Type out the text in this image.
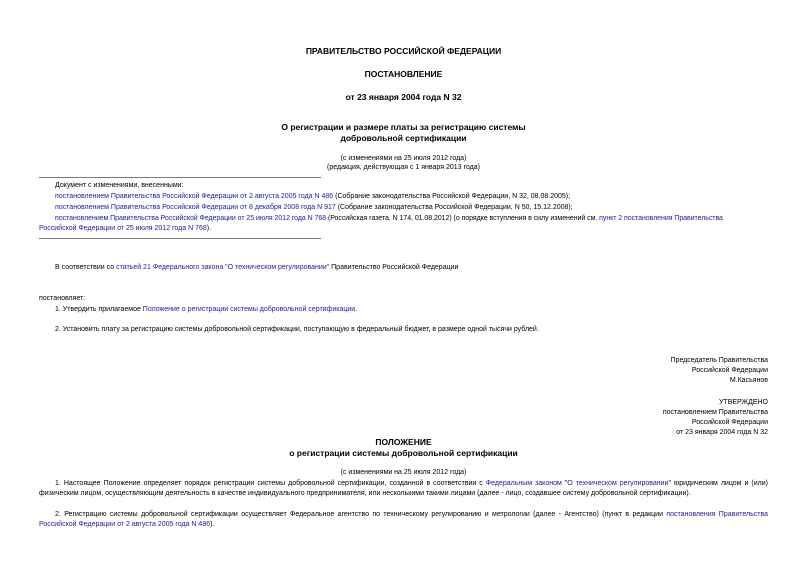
ПРАВИТЕЛЬСТВО РОССИЙСКОЙ ФЕДЕРАЦИИ
ПОСТАНОВЛЕНИЕ
от 23 января 2004 года N 32
О регистрации и размере платы за регистрацию системы
добровольной сертификации
(с изменениями на 25 июля 2012 года)
(редакция, действующая с 1 января 2013 года)
Документ с изменениями, внесенными:
постановлением Правительства Российской Федерации от 2 августа 2005 года N 486 (Собрание законодательства Российской Федерации, N 32, 08.08.2005);
постановлением Правительства Российской Федерации от 8 декабря 2008 года N 917 (Собрание законодательства Российской Федерации, N 50, 15.12.2008);
постановлением Правительства Российской Федерации от 25 июля 2012 года N 768 (Российская газета, N 174, 01.08.2012) (о порядке вступления в силу изменений см. пункт 2 постановления Правительства
Российской Федерации от 25 июля 2012 года N 768).
В соответствии со статьей 21 Федерального закона "О техническом регулировании" Правительство Российской Федерации
постановляет:
1. Утвердить прилагаемое Положение о регистрации системы добровольной сертификации.
2. Установить плату за регистрацию системы добровольной сертификации, поступающую в федеральный бюджет, в размере одной тысячи рублей.
Председатель Правительства
Российской Федерации
М.Касьянов
УТВЕРЖДЕНО
постановлением Правительства
Российской Федерации
от 23 января 2004 года N 32
ПОЛОЖЕНИЕ
о регистрации системы добровольной сертификации
(с изменениями на 25 июля 2012 года)
1. Настоящее Положение определяет порядок регистрации системы добровольной сертификации, созданной в соответствии с Федеральным законом "О техническом регулировании" юридическим лицом и (или) физическим лицом, осуществляющим деятельность в качестве индивидуального предпринимателя, или несколькими такими лицами (далее - лицо, создавшее систему добровольной сертификации).
2. Регистрацию системы добровольной сертификации осуществляет Федеральное агентство по техническому регулированию и метрологии (далее - Агентство) (пункт в редакции постановления Правительства Российской Федерации от 2 августа 2005 года N 486).
